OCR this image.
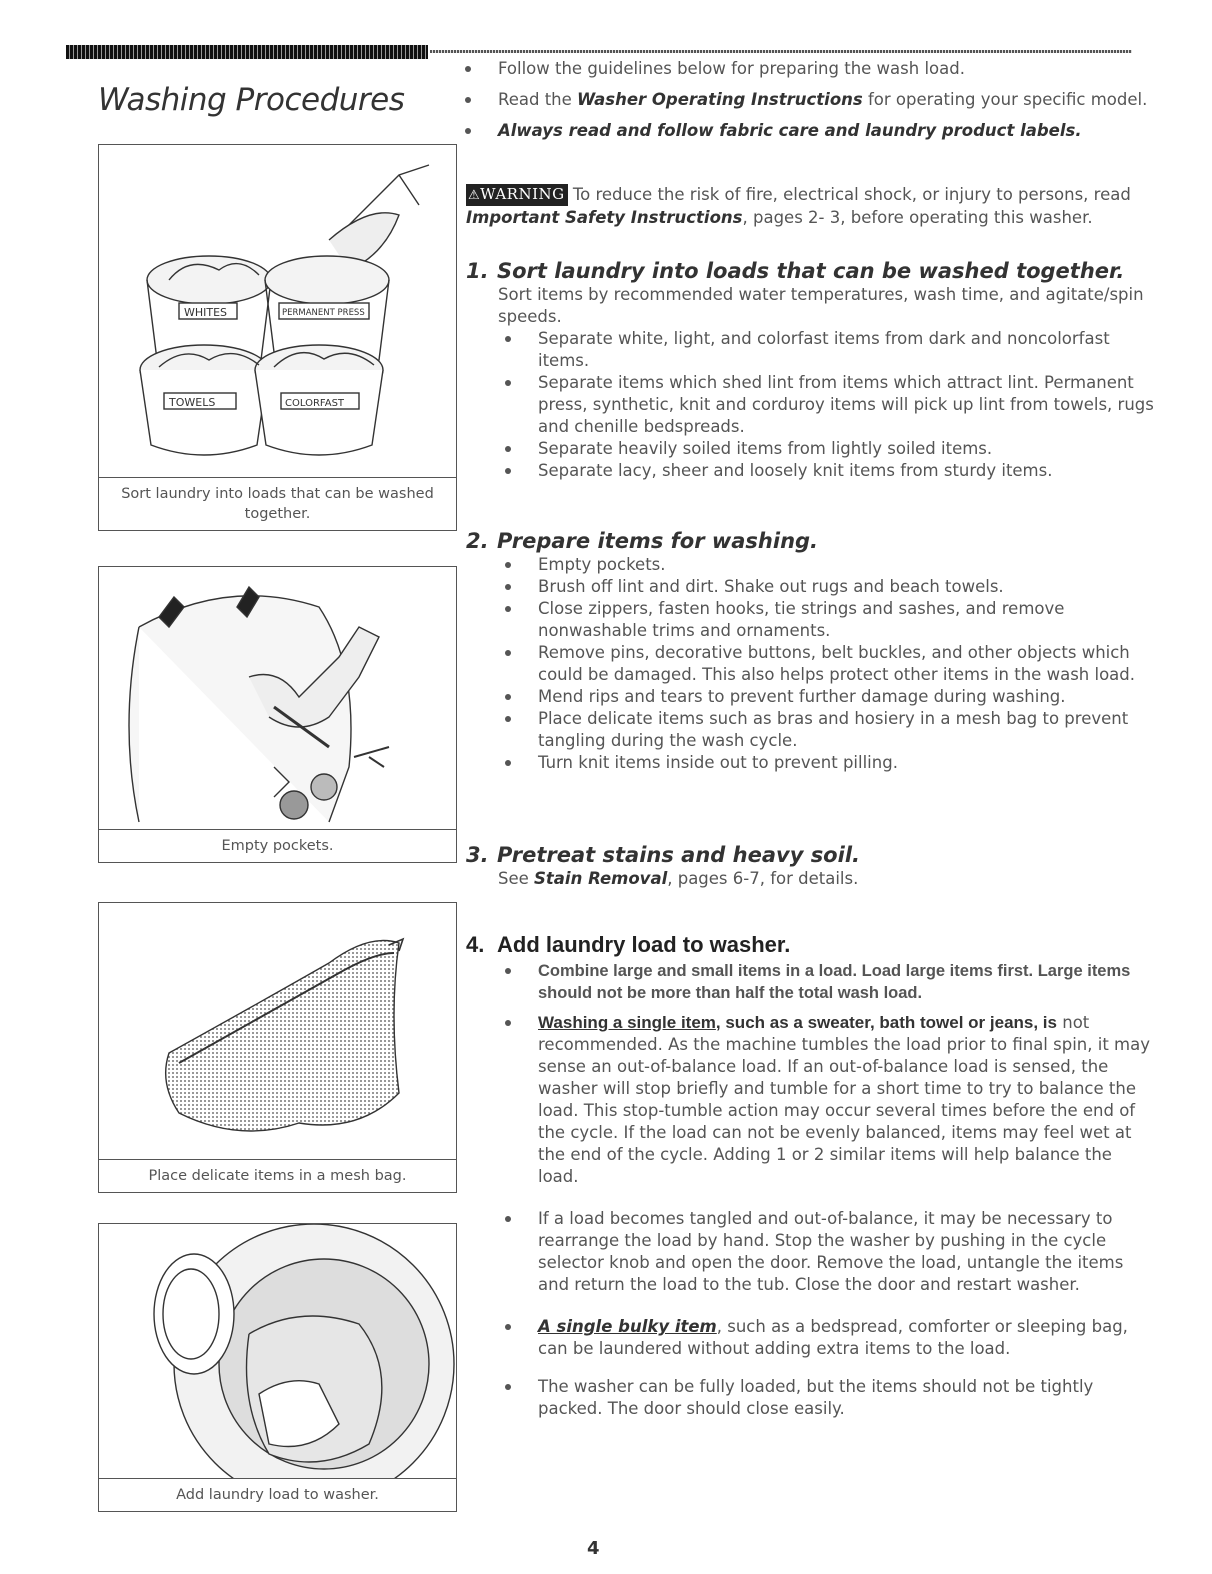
Washing Procedures
WHITES	PERMANENT PRESS
TOWELS	COLORFAST
Sort laundry into loads that can be washed together.
Empty pockets.
Place delicate items in a mesh bag.
Add laundry load to washer.
Follow the guidelines below for preparing the wash load.
Read the Washer Operating Instructions for operating your specific model.
Always read and follow fabric care and laundry product labels.
⚠WARNING To reduce the risk of fire, electrical shock, or injury to persons, read Important Safety Instructions, pages 2- 3, before operating this washer.
1. Sort laundry into loads that can be washed together.
Sort items by recommended water temperatures, wash time, and agitate/spin speeds.
Separate white, light, and colorfast items from dark and noncolorfast items.
Separate items which shed lint from items which attract lint. Permanent press, synthetic, knit and corduroy items will pick up lint from towels, rugs and chenille bedspreads.
Separate heavily soiled items from lightly soiled items.
Separate lacy, sheer and loosely knit items from sturdy items.
2. Prepare items for washing.
Empty pockets.
Brush off lint and dirt. Shake out rugs and beach towels.
Close zippers, fasten hooks, tie strings and sashes, and remove nonwashable trims and ornaments.
Remove pins, decorative buttons, belt buckles, and other objects which could be damaged. This also helps protect other items in the wash load.
Mend rips and tears to prevent further damage during washing.
Place delicate items such as bras and hosiery in a mesh bag to prevent tangling during the wash cycle.
Turn knit items inside out to prevent pilling.
3. Pretreat stains and heavy soil.
See Stain Removal, pages 6-7, for details.
4. Add laundry load to washer.
Combine large and small items in a load. Load large items first. Large items should not be more than half the total wash load.
Washing a single item, such as a sweater, bath towel or jeans, is not recommended. As the machine tumbles the load prior to final spin, it may sense an out-of-balance load. If an out-of-balance load is sensed, the washer will stop briefly and tumble for a short time to try to balance the load. This stop-tumble action may occur several times before the end of the cycle. If the load can not be evenly balanced, items may feel wet at the end of the cycle. Adding 1 or 2 similar items will help balance the load.
If a load becomes tangled and out-of-balance, it may be necessary to rearrange the load by hand. Stop the washer by pushing in the cycle selector knob and open the door. Remove the load, untangle the items and return the load to the tub. Close the door and restart washer.
A single bulky item, such as a bedspread, comforter or sleeping bag, can be laundered without adding extra items to the load.
The washer can be fully loaded, but the items should not be tightly packed. The door should close easily.
4
